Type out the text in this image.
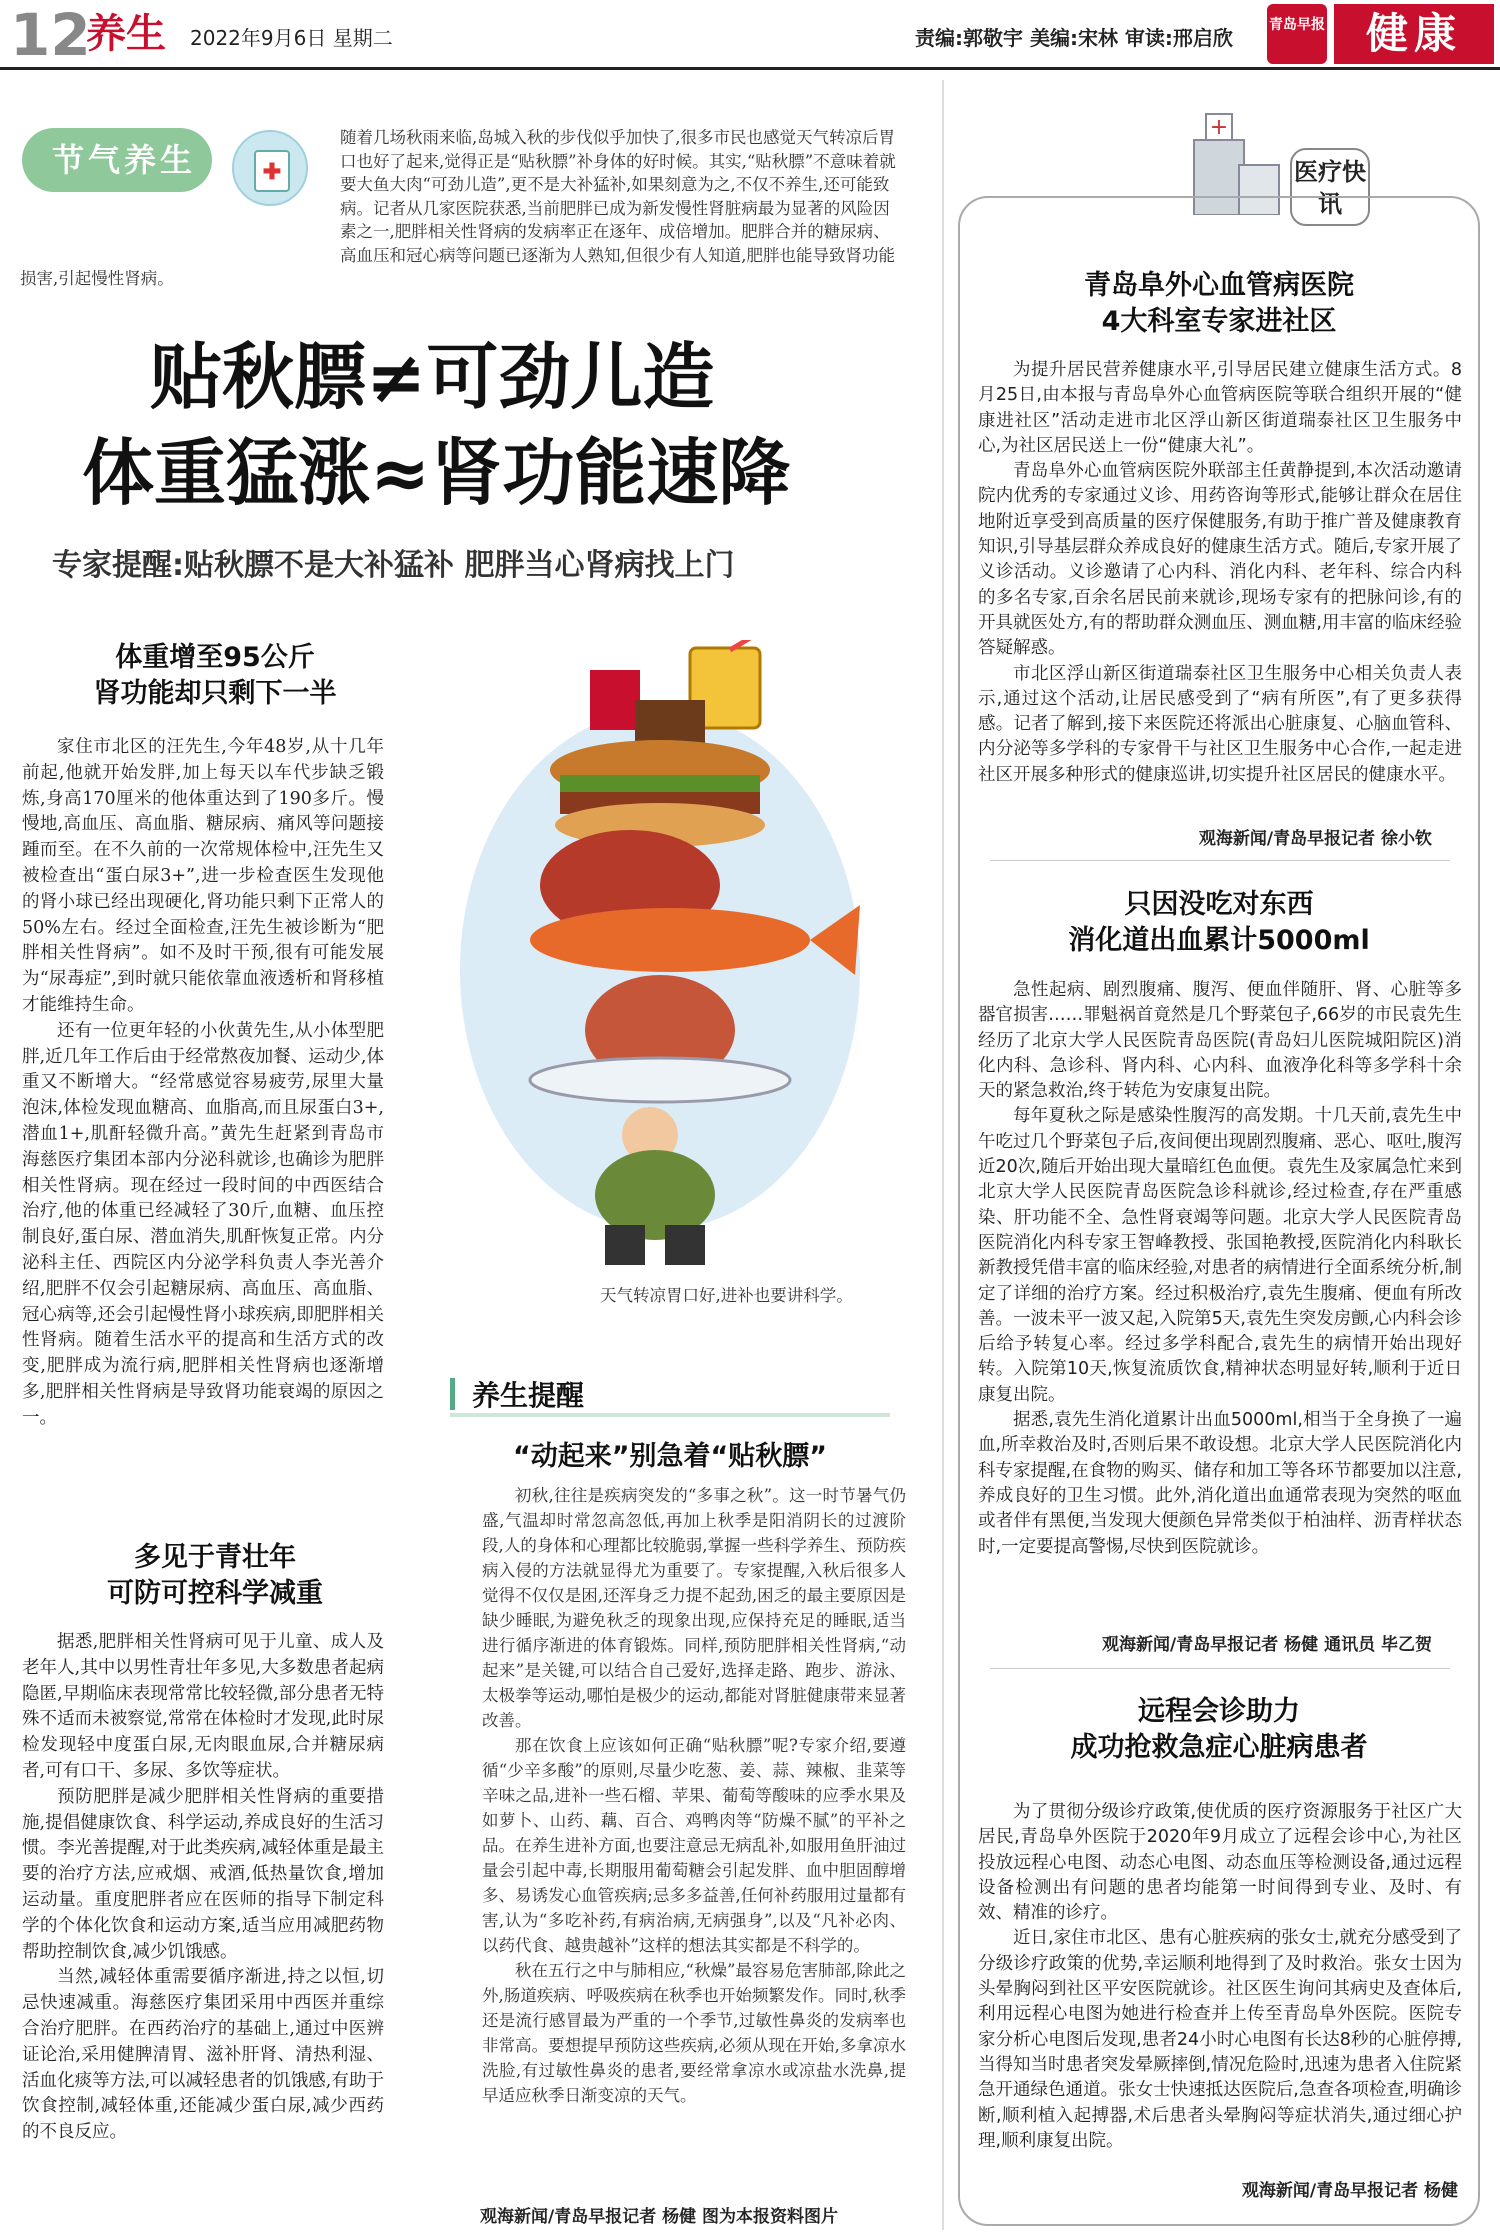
12
养生 2022年9月6日 星期二	责编:郭敬宇 美编:宋林 审读:邢启欣
青岛早报 健康
节气养生	✚
随着几场秋雨来临,岛城入秋的步伐似乎加快了,很多市民也感觉天气转凉后胃口也好了起来,觉得正是“贴秋膘”补身体的好时候。其实,“贴秋膘”不意味着就要大鱼大肉“可劲儿造”,更不是大补猛补,如果刻意为之,不仅不养生,还可能致病。记者从几家医院获悉,当前肥胖已成为新发慢性肾脏病最为显著的风险因素之一,肥胖相关性肾病的发病率正在逐年、成倍增加。肥胖合并的糖尿病、高血压和冠心病等问题已逐渐为人熟知,但很少有人知道,肥胖也能导致肾功能损害,引起慢性肾病。
贴秋膘≠可劲儿造
体重猛涨≈肾功能速降
专家提醒:贴秋膘不是大补猛补 肥胖当心肾病找上门
体重增至95公斤
肾功能却只剩下一半

家住市北区的汪先生,今年48岁,从十几年前起,他就开始发胖,加上每天以车代步缺乏锻炼,身高170厘米的他体重达到了190多斤。慢慢地,高血压、高血脂、糖尿病、痛风等问题接踵而至。在不久前的一次常规体检中,汪先生又被检查出“蛋白尿3+”,进一步检查医生发现他的肾小球已经出现硬化,肾功能只剩下正常人的50%左右。经过全面检查,汪先生被诊断为“肥胖相关性肾病”。如不及时干预,很有可能发展为“尿毒症”,到时就只能依靠血液透析和肾移植才能维持生命。

还有一位更年轻的小伙黄先生,从小体型肥胖,近几年工作后由于经常熬夜加餐、运动少,体重又不断增大。“经常感觉容易疲劳,尿里大量泡沫,体检发现血糖高、血脂高,而且尿蛋白3+,潜血1+,肌酐轻微升高。”黄先生赶紧到青岛市海慈医疗集团本部内分泌科就诊,也确诊为肥胖相关性肾病。现在经过一段时间的中西医结合治疗,他的体重已经减轻了30斤,血糖、血压控制良好,蛋白尿、潜血消失,肌酐恢复正常。内分泌科主任、西院区内分泌学科负责人李光善介绍,肥胖不仅会引起糖尿病、高血压、高血脂、冠心病等,还会引起慢性肾小球疾病,即肥胖相关性肾病。随着生活水平的提高和生活方式的改变,肥胖成为流行病,肥胖相关性肾病也逐渐增多,肥胖相关性肾病是导致肾功能衰竭的原因之一。

多见于青壮年
可防可控科学减重

据悉,肥胖相关性肾病可见于儿童、成人及老年人,其中以男性青壮年多见,大多数患者起病隐匿,早期临床表现常常比较轻微,部分患者无特殊不适而未被察觉,常常在体检时才发现,此时尿检发现轻中度蛋白尿,无肉眼血尿,合并糖尿病者,可有口干、多尿、多饮等症状。

预防肥胖是减少肥胖相关性肾病的重要措施,提倡健康饮食、科学运动,养成良好的生活习惯。李光善提醒,对于此类疾病,减轻体重是最主要的治疗方法,应戒烟、戒酒,低热量饮食,增加运动量。重度肥胖者应在医师的指导下制定科学的个体化饮食和运动方案,适当应用减肥药物帮助控制饮食,减少饥饿感。

当然,减轻体重需要循序渐进,持之以恒,切忌快速减重。海慈医疗集团采用中西医并重综合治疗肥胖。在西药治疗的基础上,通过中医辨证论治,采用健脾清胃、滋补肝肾、清热利湿、活血化痰等方法,可以减轻患者的饥饿感,有助于饮食控制,减轻体重,还能减少蛋白尿,减少西药的不良反应。

天气转凉胃口好,进补也要讲科学。
养生提醒
“动起来”别急着“贴秋膘”

初秋,往往是疾病突发的“多事之秋”。这一时节暑气仍盛,气温却时常忽高忽低,再加上秋季是阳消阴长的过渡阶段,人的身体和心理都比较脆弱,掌握一些科学养生、预防疾病入侵的方法就显得尤为重要了。专家提醒,入秋后很多人觉得不仅仅是困,还浑身乏力提不起劲,困乏的最主要原因是缺少睡眠,为避免秋乏的现象出现,应保持充足的睡眠,适当进行循序渐进的体育锻炼。同样,预防肥胖相关性肾病,“动起来”是关键,可以结合自己爱好,选择走路、跑步、游泳、太极拳等运动,哪怕是极少的运动,都能对肾脏健康带来显著改善。

那在饮食上应该如何正确“贴秋膘”呢?专家介绍,要遵循“少辛多酸”的原则,尽量少吃葱、姜、蒜、辣椒、韭菜等辛味之品,进补一些石榴、苹果、葡萄等酸味的应季水果及如萝卜、山药、藕、百合、鸡鸭肉等“防燥不腻”的平补之品。在养生进补方面,也要注意忌无病乱补,如服用鱼肝油过量会引起中毒,长期服用葡萄糖会引起发胖、血中胆固醇增多、易诱发心血管疾病;忌多多益善,任何补药服用过量都有害,认为“多吃补药,有病治病,无病强身”,以及“凡补必肉、以药代食、越贵越补”这样的想法其实都是不科学的。

秋在五行之中与肺相应,“秋燥”最容易危害肺部,除此之外,肠道疾病、呼吸疾病在秋季也开始频繁发作。同时,秋季还是流行感冒最为严重的一个季节,过敏性鼻炎的发病率也非常高。要想提早预防这些疾病,必须从现在开始,多拿凉水洗脸,有过敏性鼻炎的患者,要经常拿凉水或凉盐水洗鼻,提早适应秋季日渐变凉的天气。

观海新闻/青岛早报记者 杨健 图为本报资料图片
+
医疗快讯
青岛阜外心血管病医院
4大科室专家进社区

为提升居民营养健康水平,引导居民建立健康生活方式。8月25日,由本报与青岛阜外心血管病医院等联合组织开展的“健康进社区”活动走进市北区浮山新区街道瑞泰社区卫生服务中心,为社区居民送上一份“健康大礼”。

青岛阜外心血管病医院外联部主任黄静提到,本次活动邀请院内优秀的专家通过义诊、用药咨询等形式,能够让群众在居住地附近享受到高质量的医疗保健服务,有助于推广普及健康教育知识,引导基层群众养成良好的健康生活方式。随后,专家开展了义诊活动。义诊邀请了心内科、消化内科、老年科、综合内科的多名专家,百余名居民前来就诊,现场专家有的把脉问诊,有的开具就医处方,有的帮助群众测血压、测血糖,用丰富的临床经验答疑解惑。

市北区浮山新区街道瑞泰社区卫生服务中心相关负责人表示,通过这个活动,让居民感受到了“病有所医”,有了更多获得感。记者了解到,接下来医院还将派出心脏康复、心脑血管科、内分泌等多学科的专家骨干与社区卫生服务中心合作,一起走进社区开展多种形式的健康巡讲,切实提升社区居民的健康水平。

观海新闻/青岛早报记者 徐小钦
只因没吃对东西
消化道出血累计5000ml

急性起病、剧烈腹痛、腹泻、便血伴随肝、肾、心脏等多器官损害……罪魁祸首竟然是几个野菜包子,66岁的市民袁先生经历了北京大学人民医院青岛医院(青岛妇儿医院城阳院区)消化内科、急诊科、肾内科、心内科、血液净化科等多学科十余天的紧急救治,终于转危为安康复出院。

每年夏秋之际是感染性腹泻的高发期。十几天前,袁先生中午吃过几个野菜包子后,夜间便出现剧烈腹痛、恶心、呕吐,腹泻近20次,随后开始出现大量暗红色血便。袁先生及家属急忙来到北京大学人民医院青岛医院急诊科就诊,经过检查,存在严重感染、肝功能不全、急性肾衰竭等问题。北京大学人民医院青岛医院消化内科专家王智峰教授、张国艳教授,医院消化内科耿长新教授凭借丰富的临床经验,对患者的病情进行全面系统分析,制定了详细的治疗方案。经过积极治疗,袁先生腹痛、便血有所改善。一波未平一波又起,入院第5天,袁先生突发房颤,心内科会诊后给予转复心率。经过多学科配合,袁先生的病情开始出现好转。入院第10天,恢复流质饮食,精神状态明显好转,顺利于近日康复出院。

据悉,袁先生消化道累计出血5000ml,相当于全身换了一遍血,所幸救治及时,否则后果不敢设想。北京大学人民医院消化内科专家提醒,在食物的购买、储存和加工等各环节都要加以注意,养成良好的卫生习惯。此外,消化道出血通常表现为突然的呕血或者伴有黑便,当发现大便颜色异常类似于柏油样、沥青样状态时,一定要提高警惕,尽快到医院就诊。

观海新闻/青岛早报记者 杨健 通讯员 毕乙贺
远程会诊助力
成功抢救急症心脏病患者

为了贯彻分级诊疗政策,使优质的医疗资源服务于社区广大居民,青岛阜外医院于2020年9月成立了远程会诊中心,为社区投放远程心电图、动态心电图、动态血压等检测设备,通过远程设备检测出有问题的患者均能第一时间得到专业、及时、有效、精准的诊疗。

近日,家住市北区、患有心脏疾病的张女士,就充分感受到了分级诊疗政策的优势,幸运顺利地得到了及时救治。张女士因为头晕胸闷到社区平安医院就诊。社区医生询问其病史及查体后,利用远程心电图为她进行检查并上传至青岛阜外医院。医院专家分析心电图后发现,患者24小时心电图有长达8秒的心脏停搏,当得知当时患者突发晕厥摔倒,情况危险时,迅速为患者入住院紧急开通绿色通道。张女士快速抵达医院后,急查各项检查,明确诊断,顺利植入起搏器,术后患者头晕胸闷等症状消失,通过细心护理,顺利康复出院。

观海新闻/青岛早报记者 杨健
